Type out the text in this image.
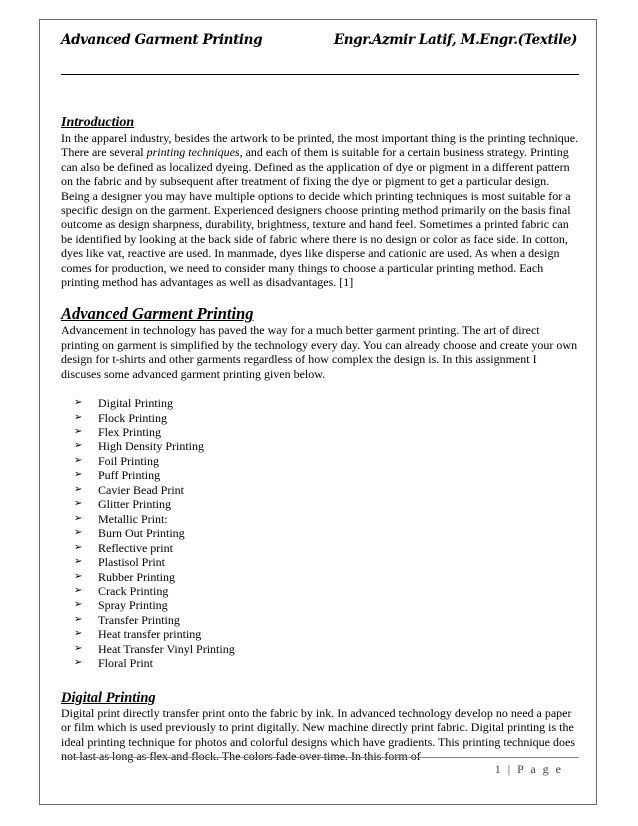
Advanced Garment Printing	Engr.Azmir Latif, M.Engr.(Textile)
Introduction

In the apparel industry, besides the artwork to be printed, the most important thing is the printing technique. There are several printing techniques, and each of them is suitable for a certain business strategy. Printing can also be defined as localized dyeing. Defined as the application of dye or pigment in a different pattern on the fabric and by subsequent after treatment of fixing the dye or pigment to get a particular design. Being a designer you may have multiple options to decide which printing techniques is most suitable for a specific design on the garment. Experienced designers choose printing method primarily on the basis final outcome as design sharpness, durability, brightness, texture and hand feel. Sometimes a printed fabric can be identified by looking at the back side of fabric where there is no design or color as face side. In cotton, dyes like vat, reactive are used. In manmade, dyes like disperse and cationic are used. As when a design comes for production, we need to consider many things to choose a particular printing method. Each printing method has advantages as well as disadvantages. [1]

Advanced Garment Printing

Advancement in technology has paved the way for a much better garment printing. The art of direct printing on garment is simplified by the technology every day. You can already choose and create your own design for t-shirts and other garments regardless of how complex the design is. In this assignment I discuses some advanced garment printing given below.

➢ Digital Printing
➢ Flock Printing
➢ Flex Printing
➢ High Density Printing
➢ Foil Printing
➢ Puff Printing
➢ Cavier Bead Print
➢ Glitter Printing
➢ Metallic Print:
➢ Burn Out Printing
➢ Reflective print
➢ Plastisol Print
➢ Rubber Printing
➢ Crack Printing
➢ Spray Printing
➢ Transfer Printing
➢ Heat transfer printing
➢ Heat Transfer Vinyl Printing
➢ Floral Print
Digital Printing

Digital print directly transfer print onto the fabric by ink. In advanced technology develop no need a paper or film which is used previously to print digitally. New machine directly print fabric. Digital printing is the ideal printing technique for photos and colorful designs which have gradients. This printing technique does not last as long as flex and flock. The colors fade over time. In this form of

1 | P a g e
